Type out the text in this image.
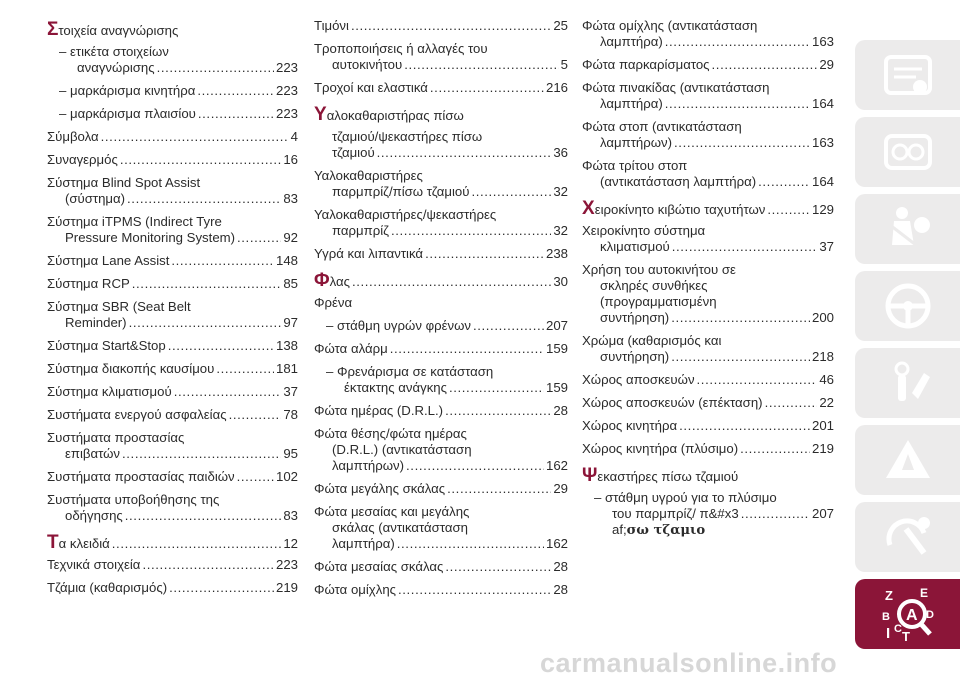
Σ τοιχεία αναγνώρισης
– ετικέτα στοιχείων
αναγνώρισης .....	223
– μαρκάρισμα κινητήρα .....	223
– μαρκάρισμα πλαισίου .....	223
Σύμβολα .....	4
Συναγερμός .....	16
Σύστημα Blind Spot Assist
(σύστημα) .....	83
Σύστημα iTPMS (Indirect Tyre
Pressure Monitoring System) .....	92
Σύστημα Lane Assist .....	148
Σύστημα RCP .....	85
Σύστημα SBR (Seat Belt
Reminder) .....	97
Σύστημα Start&Stop .....	138
Σύστημα διακοπής καυσίμου .....	181
Σύστημα κλιματισμού .....	37
Συστήματα ενεργού ασφαλείας .....	78
Συστήματα προστασίας
επιβατών .....	95
Συστήματα προστασίας παιδιών .....	102
Συστήματα υποβοήθησης της
οδήγησης .....	83
Τ α κλειδιά .....	12
Τεχνικά στοιχεία .....	223
Τζάμια (καθαρισμός) .....	219
Τιμόνι .....	25
Τροποποιήσεις ή αλλαγές του
αυτοκινήτου .....	5
Τροχοί και ελαστικά .....	216
Υ αλοκαθαριστήρας πίσω
τζαμιού/ψεκαστήρες πίσω
τζαμιού .....	36
Υαλοκαθαριστήρες
παρμπρίζ/πίσω τζαμιού .....	32
Υαλοκαθαριστήρες/ψεκαστήρες
παρμπρίζ .....	32
Υγρά και λιπαντικά .....	238
Φ λας .....	30
Φρένα
– στάθμη υγρών φρένων .....	207
Φώτα αλάρμ .....	159
– Φρενάρισμα σε κατάσταση
έκτακτης ανάγκης .....	159
Φώτα ημέρας (D.R.L.) .....	28
Φώτα θέσης/φώτα ημέρας
(D.R.L.) (αντικατάσταση
λαμπτήρων) .....	162
Φώτα μεγάλης σκάλας .....	29
Φώτα μεσαίας και μεγάλης
σκάλας (αντικατάσταση
λαμπτήρα) .....	162
Φώτα μεσαίας σκάλας .....	28
Φώτα ομίχλης .....	28
Φώτα ομίχλης (αντικατάσταση
λαμπτήρα) .....	163
Φώτα παρκαρίσματος .....	29
Φώτα πινακίδας (αντικατάσταση
λαμπτήρα) .....	164
Φώτα στοπ (αντικατάσταση
λαμπτήρων) .....	163
Φώτα τρίτου στοπ
(αντικατάσταση λαμπτήρα) .....	164
Χ ειροκίνητο κιβώτιο ταχυτήτων .....	129
Χειροκίνητο σύστημα
κλιματισμού .....	37
Χρήση του αυτοκινήτου σε
σκληρές συνθήκες
(προγραμματισμένη
συντήρηση) .....	200
Χρώμα (καθαρισμός και
συντήρηση) .....	218
Χώρος αποσκευών .....	46
Χώρος αποσκευών (επέκταση) .....	22
Χώρος κινητήρα .....	201
Χώρος κινητήρα (πλύσιμο) .....	219
Ψ εκαστήρες πίσω τζαμιού
– στάθμη υγρού για το πλύσιμο
του παρμπρίζ/ π&#x3 .....	207
af; σω τζαμιο
Z E
B A
I C T
D
carmanualsonline.info
